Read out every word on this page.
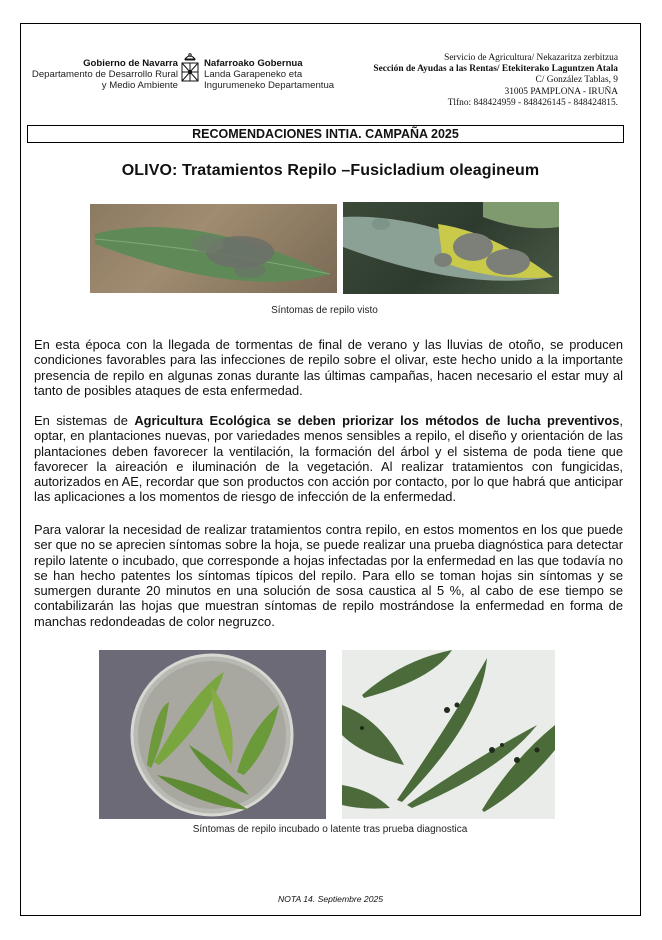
Gobierno de Navarra
Departamento de Desarrollo Rural
y Medio Ambiente
Nafarroako Gobernua
Landa Garapeneko eta
Ingurumeneko Departamentua
Servicio de Agricultura/ Nekazaritza zerbitzua
Sección de Ayudas a las Rentas/ Etekiterako Laguntzen Atala
C/ González Tablas, 9
31005 PAMPLONA - IRUÑA
Tlfno: 848424959 - 848426145 - 848424815.
RECOMENDACIONES INTIA. CAMPAÑA 2025
OLIVO: Tratamientos Repilo –Fusicladium oleagineum
Síntomas de repilo visto

En esta época con la llegada de tormentas de final de verano y las lluvias de otoño, se producen condiciones favorables para las infecciones de repilo sobre el olivar, este hecho unido a la importante presencia de repilo en algunas zonas durante las últimas campañas, hacen necesario el estar muy al tanto de posibles ataques de esta enfermedad.

En sistemas de Agricultura Ecológica se deben priorizar los métodos de lucha preventivos, optar, en plantaciones nuevas, por variedades menos sensibles a repilo, el diseño y orientación de las plantaciones deben favorecer la ventilación, la formación del árbol y el sistema de poda tiene que favorecer la aireación e iluminación de la vegetación. Al realizar tratamientos con fungicidas, autorizados en AE, recordar que son productos con acción por contacto, por lo que habrá que anticipar las aplicaciones a los momentos de riesgo de infección de la enfermedad.

Para valorar la necesidad de realizar tratamientos contra repilo, en estos momentos en los que puede ser que no se aprecien síntomas sobre la hoja, se puede realizar una prueba diagnóstica para detectar repilo latente o incubado, que corresponde a hojas infectadas por la enfermedad en las que todavía no se han hecho patentes los síntomas típicos del repilo. Para ello se toman hojas sin síntomas y se sumergen durante 20 minutos en una solución de sosa caustica al 5 %, al cabo de ese tiempo se contabilizarán las hojas que muestran síntomas de repilo mostrándose la enfermedad en forma de manchas redondeadas de color negruzco.

Síntomas de repilo incubado o latente tras prueba diagnostica
NOTA 14. Septiembre 2025
